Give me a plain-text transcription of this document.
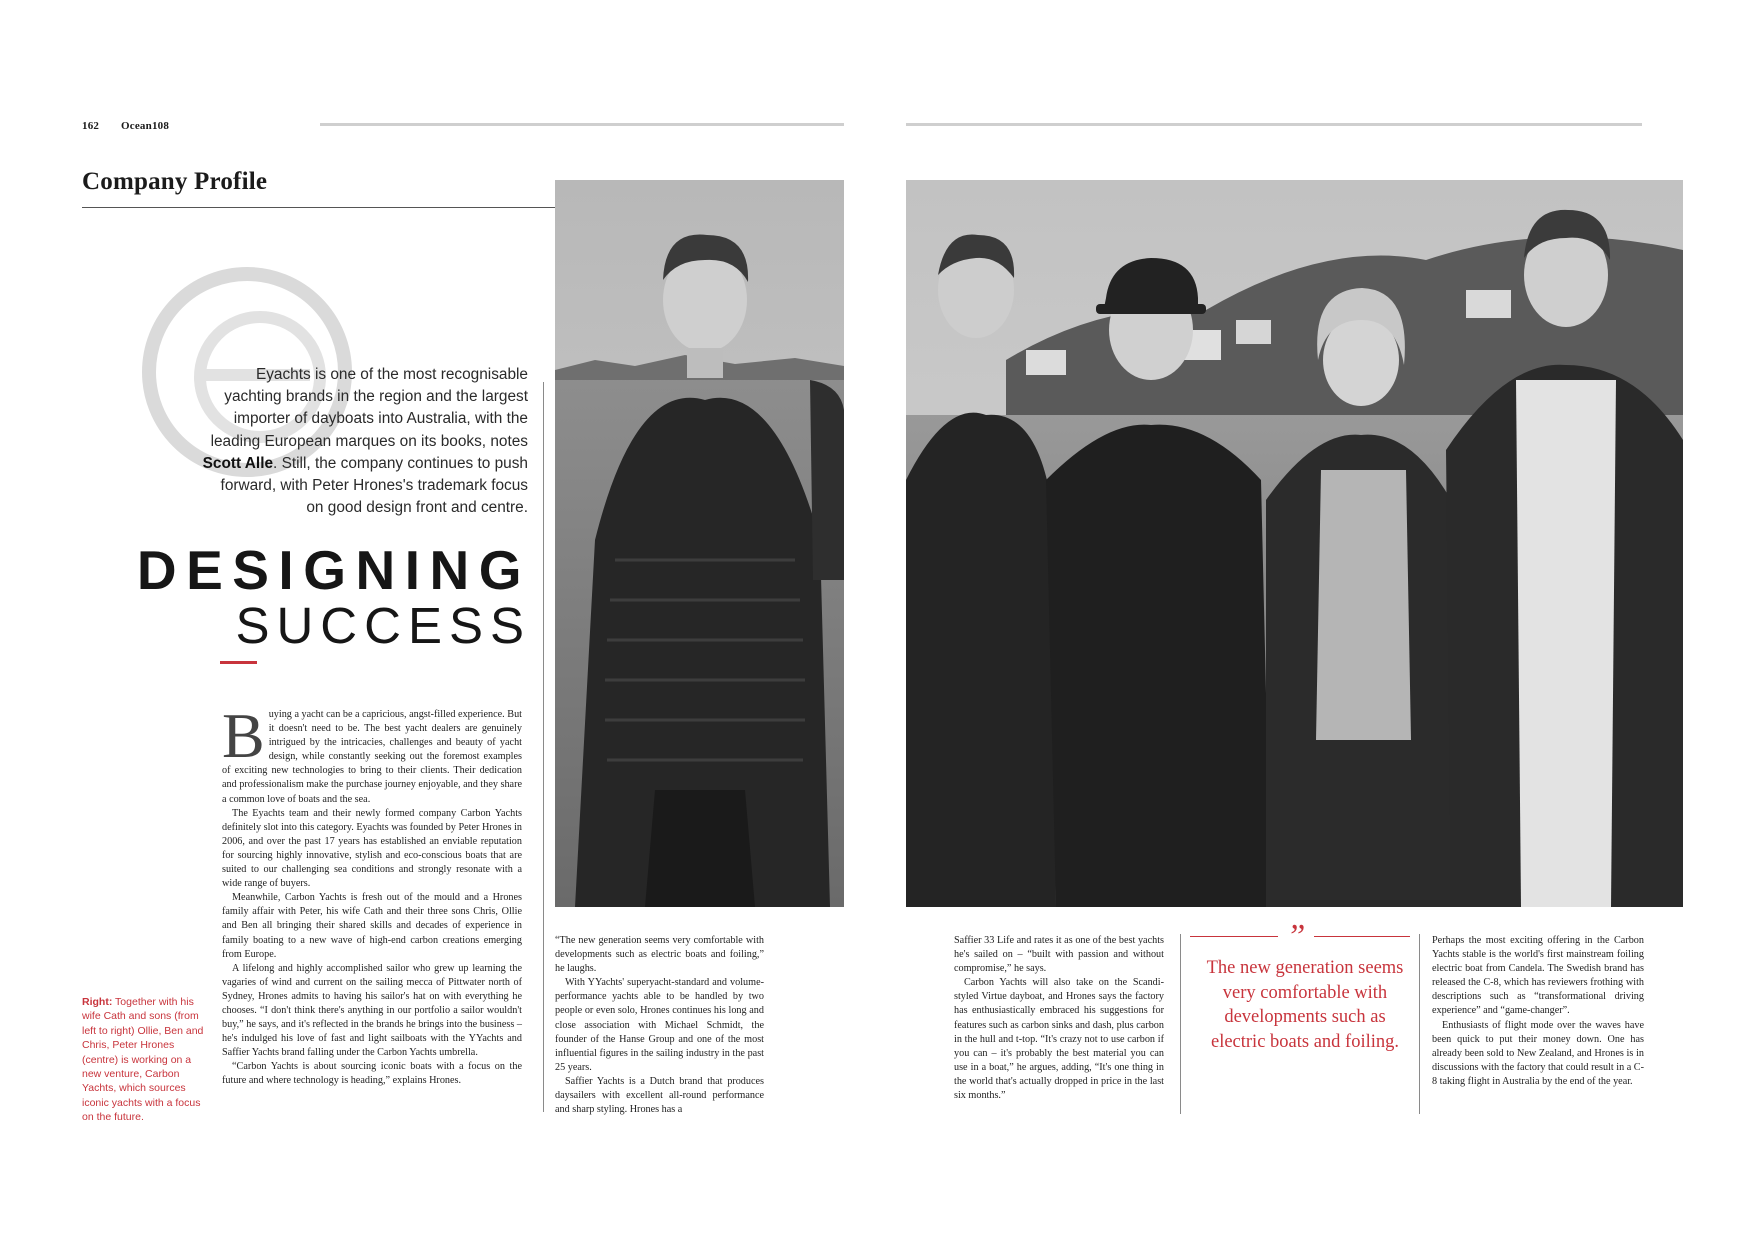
162 Ocean108
Company Profile
Eyachts is one of the most recognisable yachting brands in the region and the largest importer of dayboats into Australia, with the leading European marques on its books, notes Scott Alle. Still, the company continues to push forward, with Peter Hrones's trademark focus on good design front and centre.
DESIGNING
SUCCESS
Right: Together with his wife Cath and sons (from left to right) Ollie, Ben and Chris, Peter Hrones (centre) is working on a new venture, Carbon Yachts, which sources iconic yachts with a focus on the future.

Buying a yacht can be a capricious, angst-filled experience. But it doesn't need to be. The best yacht dealers are genuinely intrigued by the intricacies, challenges and beauty of yacht design, while constantly seeking out the foremost examples of exciting new technologies to bring to their clients. Their dedication and professionalism make the purchase journey enjoyable, and they share a common love of boats and the sea.

The Eyachts team and their newly formed company Carbon Yachts definitely slot into this category. Eyachts was founded by Peter Hrones in 2006, and over the past 17 years has established an enviable reputation for sourcing highly innovative, stylish and eco-conscious boats that are suited to our challenging sea conditions and strongly resonate with a wide range of buyers.

Meanwhile, Carbon Yachts is fresh out of the mould and a Hrones family affair with Peter, his wife Cath and their three sons Chris, Ollie and Ben all bringing their shared skills and decades of experience in family boating to a new wave of high-end carbon creations emerging from Europe.

A lifelong and highly accomplished sailor who grew up learning the vagaries of wind and current on the sailing mecca of Pittwater north of Sydney, Hrones admits to having his sailor's hat on with everything he chooses. “I don't think there's anything in our portfolio a sailor wouldn't buy,” he says, and it's reflected in the brands he brings into the business – he's indulged his love of fast and light sailboats with the YYachts and Saffier Yachts brand falling under the Carbon Yachts umbrella.

“Carbon Yachts is about sourcing iconic boats with a focus on the future and where technology is heading,” explains Hrones.

“The new generation seems very comfortable with developments such as electric boats and foiling,” he laughs.

With YYachts' superyacht-standard and volume-performance yachts able to be handled by two people or even solo, Hrones continues his long and close association with Michael Schmidt, the founder of the Hanse Group and one of the most influential figures in the sailing industry in the past 25 years.

Saffier Yachts is a Dutch brand that produces daysailers with excellent all-round performance and sharp styling. Hrones has a

Saffier 33 Life and rates it as one of the best yachts he's sailed on – “built with passion and without compromise,” he says.

Carbon Yachts will also take on the Scandi-styled Virtue dayboat, and Hrones says the factory has enthusiastically embraced his suggestions for features such as carbon sinks and dash, plus carbon in the hull and t-top. “It's crazy not to use carbon if you can – it's probably the best material you can use in a boat,” he argues, adding, “It's one thing in the world that's actually dropped in price in the last six months.”

”
The new generation seems very comfortable with developments such as electric boats and foiling.

Perhaps the most exciting offering in the Carbon Yachts stable is the world's first mainstream foiling electric boat from Candela. The Swedish brand has released the C-8, which has reviewers frothing with descriptions such as “transformational driving experience” and “game-changer”.

Enthusiasts of flight mode over the waves have been quick to put their money down. One has already been sold to New Zealand, and Hrones is in discussions with the factory that could result in a C-8 taking flight in Australia by the end of the year.
